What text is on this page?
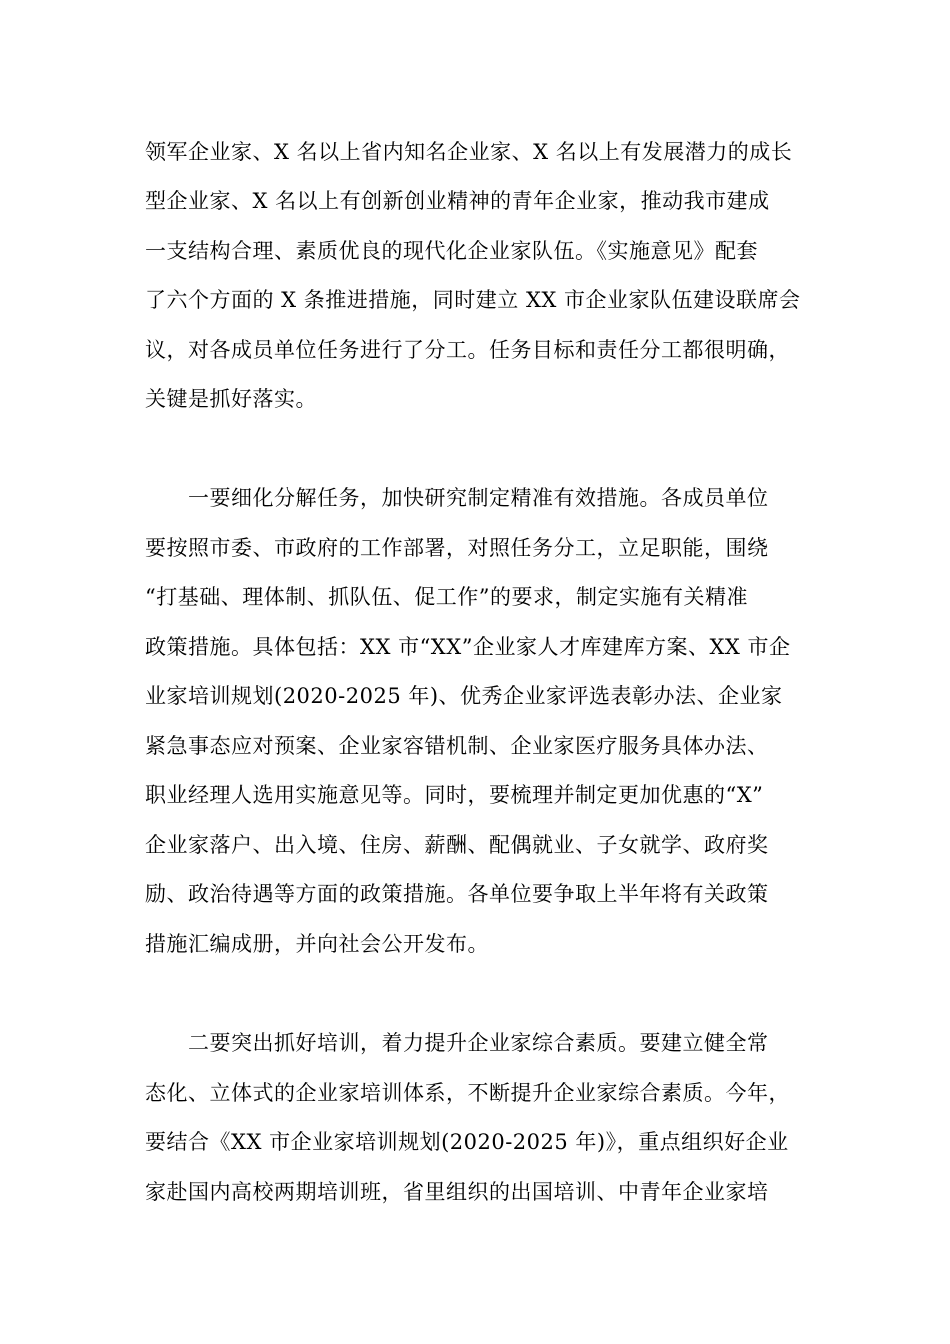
领军企业家、X 名以上省内知名企业家、X 名以上有发展潜力的成长
型企业家、X 名以上有创新创业精神的青年企业家，推动我市建成
一支结构合理、素质优良的现代化企业家队伍。《实施意见》配套
了六个方面的 X 条推进措施，同时建立 XX 市企业家队伍建设联席会
议，对各成员单位任务进行了分工。任务目标和责任分工都很明确，
关键是抓好落实。
一要细化分解任务，加快研究制定精准有效措施。各成员单位
要按照市委、市政府的工作部署，对照任务分工，立足职能，围绕
“打基础、理体制、抓队伍、促工作”的要求，制定实施有关精准
政策措施。具体包括：XX 市“XX”企业家人才库建库方案、XX 市企
业家培训规划(2020-2025 年)、优秀企业家评选表彰办法、企业家
紧急事态应对预案、企业家容错机制、企业家医疗服务具体办法、
职业经理人选用实施意见等。同时，要梳理并制定更加优惠的“X”
企业家落户、出入境、住房、薪酬、配偶就业、子女就学、政府奖
励、政治待遇等方面的政策措施。各单位要争取上半年将有关政策
措施汇编成册，并向社会公开发布。
二要突出抓好培训，着力提升企业家综合素质。要建立健全常
态化、立体式的企业家培训体系，不断提升企业家综合素质。今年，
要结合《XX 市企业家培训规划(2020-2025 年)》，重点组织好企业
家赴国内高校两期培训班，省里组织的出国培训、中青年企业家培
